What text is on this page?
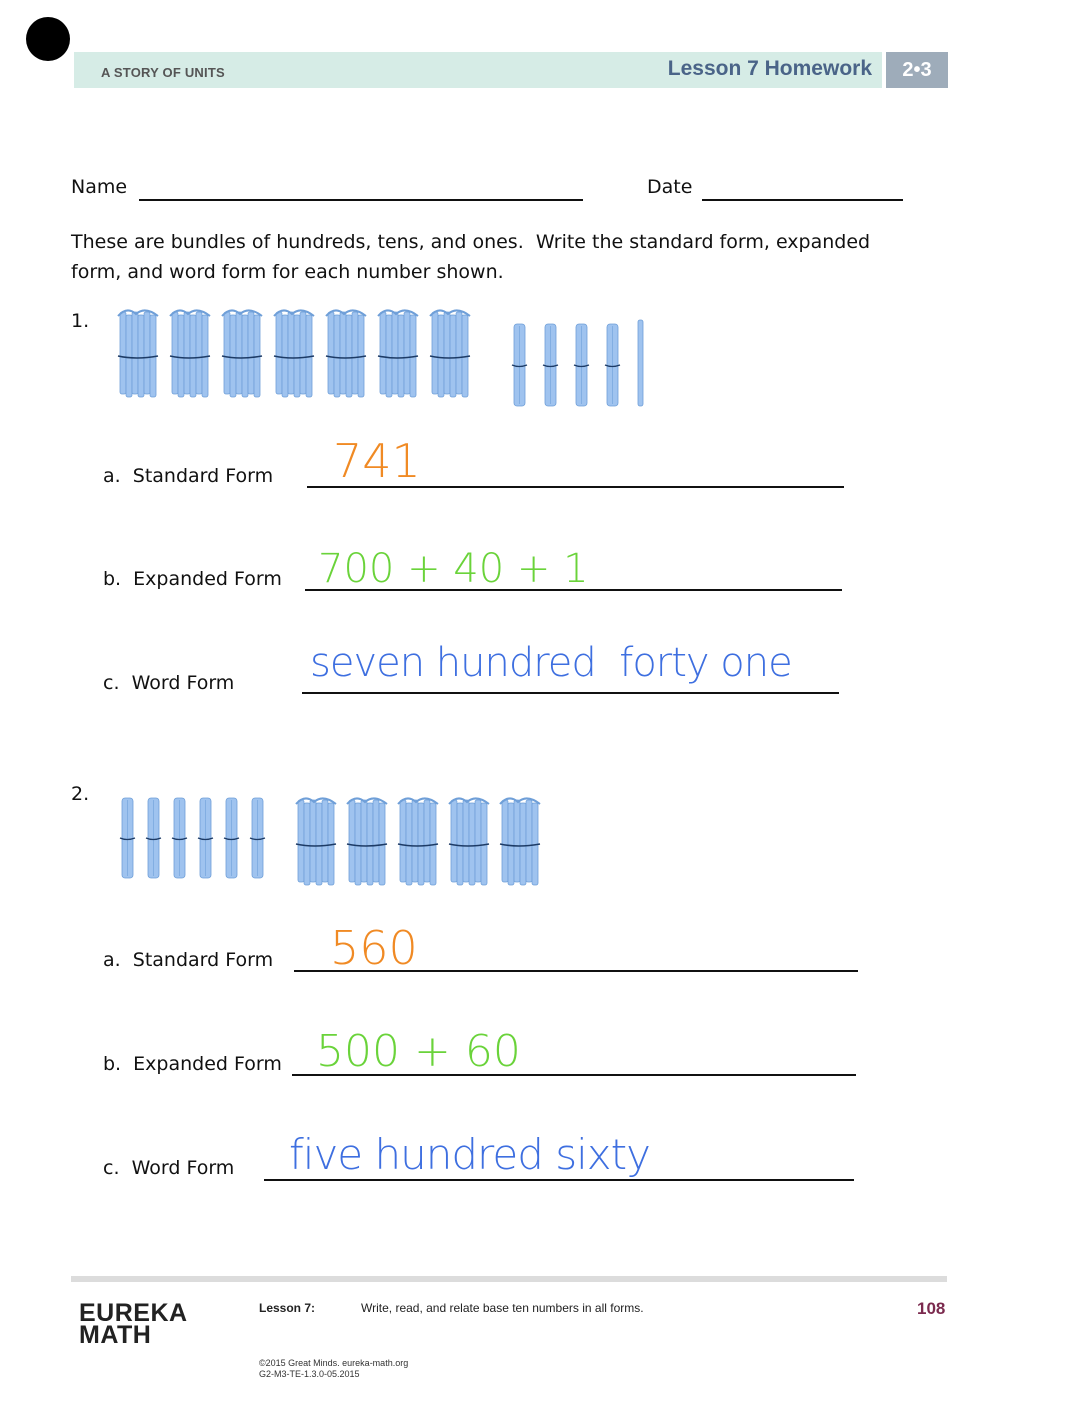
A STORY OF UNITS	Lesson 7 Homework	2•3
Name	Date
These are bundles of hundreds, tens, and ones.  Write the standard form, expanded
form, and word form for each number shown.
1.
a.  Standard Form 741
b.  Expanded Form 700 + 40 + 1
c.  Word Form seven hundred  forty one
2.
a.  Standard Form 560
b.  Expanded Form 500 + 60
c.  Word Form five hundred sixty
EUREKA
MATH
Lesson 7:	Write, read, and relate base ten numbers in all forms.	108
©2015 Great Minds. eureka-math.org
G2-M3-TE-1.3.0-05.2015
